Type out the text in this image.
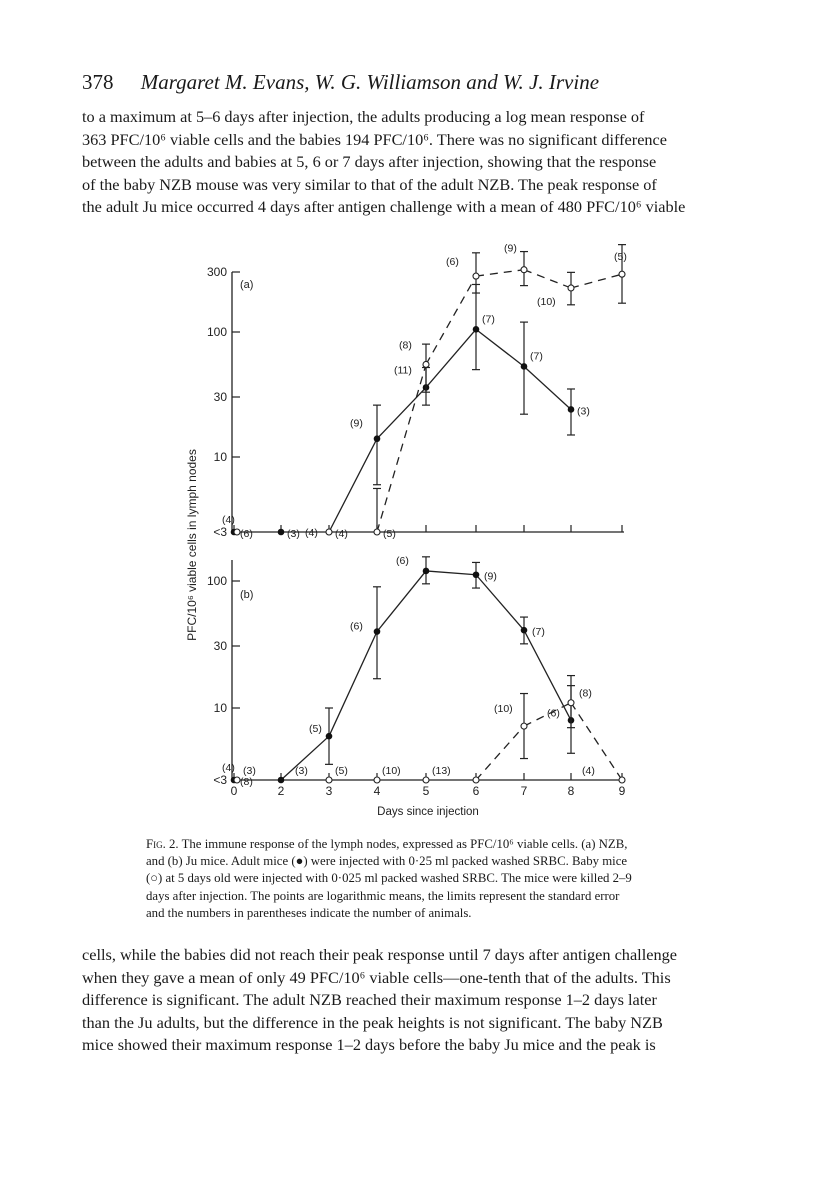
378 Margaret M. Evans, W. G. Williamson and W. J. Irvine
to a maximum at 5–6 days after injection, the adults producing a log mean response of
363 PFC/10⁶ viable cells and the babies 194 PFC/10⁶. There was no significant difference
between the adults and babies at 5, 6 or 7 days after injection, showing that the response
of the baby NZB mouse was very similar to that of the adult NZB. The peak response of
the adult Ju mice occurred 4 days after antigen challenge with a mean of 480 PFC/10⁶ viable
<3
10
30
100
300
(a)
(4)
(3) (4)
(9)
(11)
(7)
(7)
(3)
(6)	(4)	(5)
(8)
(6)
(9)
(10)
(5)
<3
10
30
100
0	2	3	4	5	6	7	8	9
(b)
(4) (3)
(5)
(6)
(6)
(9)
(7)
(6)
(8)
(3)	(5)	(10)	(13)
(10)
(8)
(4)
Days since injection
PFC/10⁶ viable cells in lymph nodes
Fig. 2. The immune response of the lymph nodes, expressed as PFC/10⁶ viable cells. (a) NZB,
and (b) Ju mice. Adult mice (●) were injected with 0·25 ml packed washed SRBC. Baby mice
(○) at 5 days old were injected with 0·025 ml packed washed SRBC. The mice were killed 2–9
days after injection. The points are logarithmic means, the limits represent the standard error
and the numbers in parentheses indicate the number of animals.
cells, while the babies did not reach their peak response until 7 days after antigen challenge
when they gave a mean of only 49 PFC/10⁶ viable cells—one-tenth that of the adults. This
difference is significant. The adult NZB reached their maximum response 1–2 days later
than the Ju adults, but the difference in the peak heights is not significant. The baby NZB
mice showed their maximum response 1–2 days before the baby Ju mice and the peak is
